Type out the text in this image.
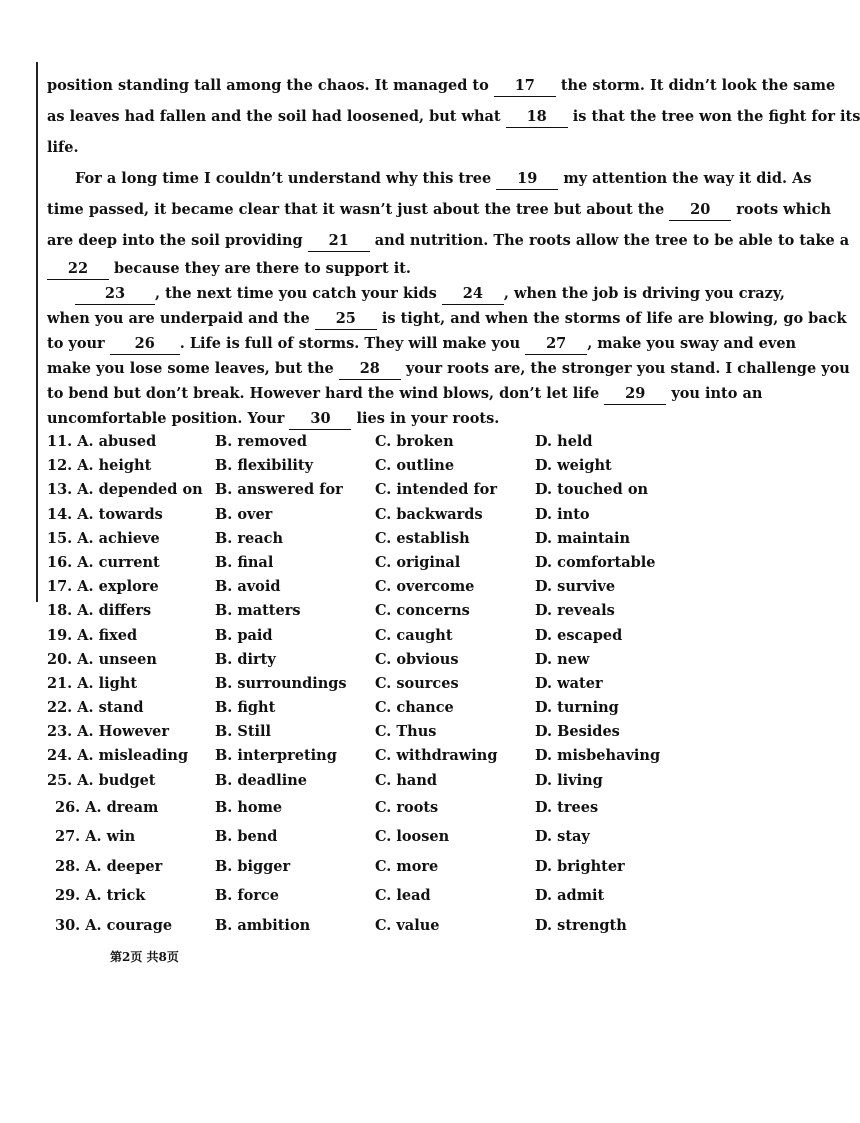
position standing tall among the chaos. It managed to 17 the storm. It didn’t look the same
as leaves had fallen and the soil had loosened, but what 18 is that the tree won the fight for its
life.
For a long time I couldn’t understand why this tree 19 my attention the way it did. As
time passed, it became clear that it wasn’t just about the tree but about the 20 roots which
are deep into the soil providing 21 and nutrition. The roots allow the tree to be able to take a
22 because they are there to support it.
23 , the next time you catch your kids 24 , when the job is driving you crazy,
when you are underpaid and the 25 is tight, and when the storms of life are blowing, go back
to your 26 . Life is full of storms. They will make you 27 , make you sway and even
make you lose some leaves, but the 28 your roots are, the stronger you stand. I challenge you
to bend but don’t break. However hard the wind blows, don’t let life 29 you into an
uncomfortable position. Your 30 lies in your roots.
11. A. abused	B. removed	C. broken	D. held
12. A. height	B. flexibility	C. outline	D. weight
13. A. depended on B. answered for	C. intended for	D. touched on
14. A. towards	B. over	C. backwards	D. into
15. A. achieve	B. reach	C. establish	D. maintain
16. A. current	B. final	C. original	D. comfortable
17. A. explore	B. avoid	C. overcome	D. survive
18. A. differs	B. matters	C. concerns	D. reveals
19. A. fixed	B. paid	C. caught	D. escaped
20. A. unseen	B. dirty	C. obvious	D. new
21. A. light	B. surroundings	C. sources	D. water
22. A. stand	B. fight	C. chance	D. turning
23. A. However	B. Still	C. Thus	D. Besides
24. A. misleading	B. interpreting	C. withdrawing	D. misbehaving
25. A. budget	B. deadline	C. hand	D. living
26. A. dream	B. home	C. roots	D. trees
27. A. win	B. bend	C. loosen	D. stay
28. A. deeper	B. bigger	C. more	D. brighter
29. A. trick	B. force	C. lead	D. admit
30. A. courage	B. ambition	C. value	D. strength
第2页 共8页
